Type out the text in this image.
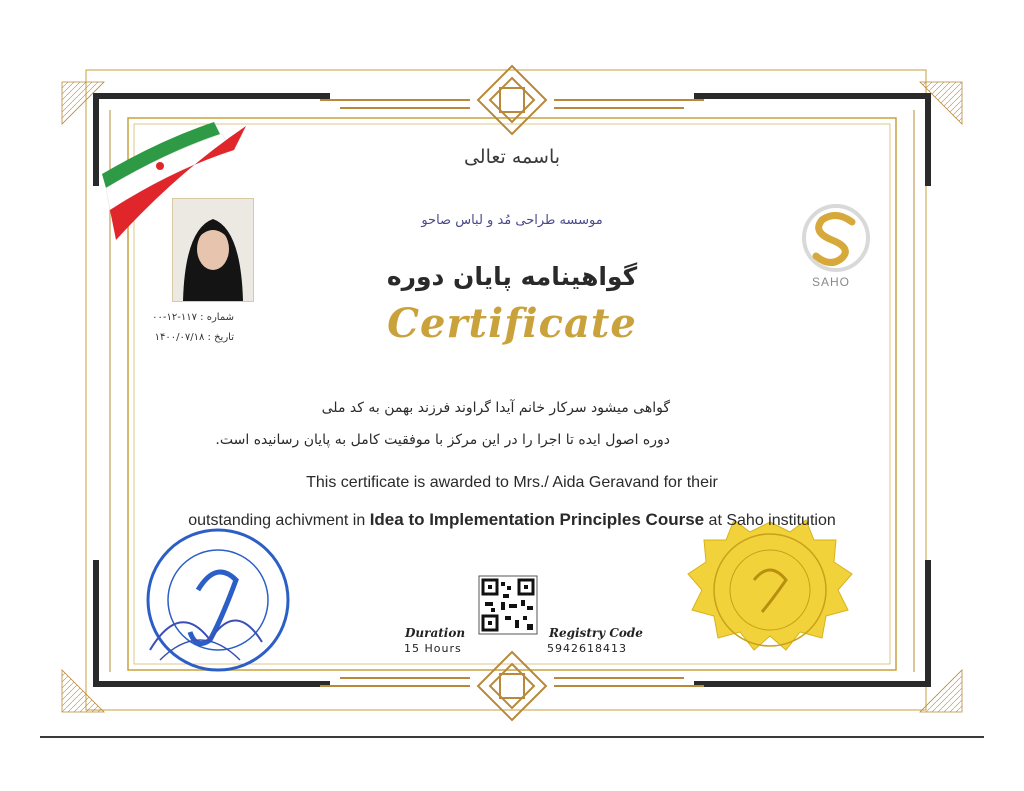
باسمه تعالی
موسسه طراحی مُد و لباس صاحو
گواهینامه پایان دوره
Certificate
شماره : ۱۱۷-۱۲-۰۰
تاریخ : ۱۴۰۰/۰۷/۱۸
گواهی میشود سرکار خانم آیدا گراوند فرزند بهمن به کد ملی
دوره اصول ایده تا اجرا را در این مرکز با موفقیت کامل به پایان رسانیده است.
This certificate is awarded to Mrs./ Aida Geravand for their
outstanding achivment in Idea to Implementation Principles Course at Saho institution
SAHO
Duration
15 Hours
Registry Code
5942618413
